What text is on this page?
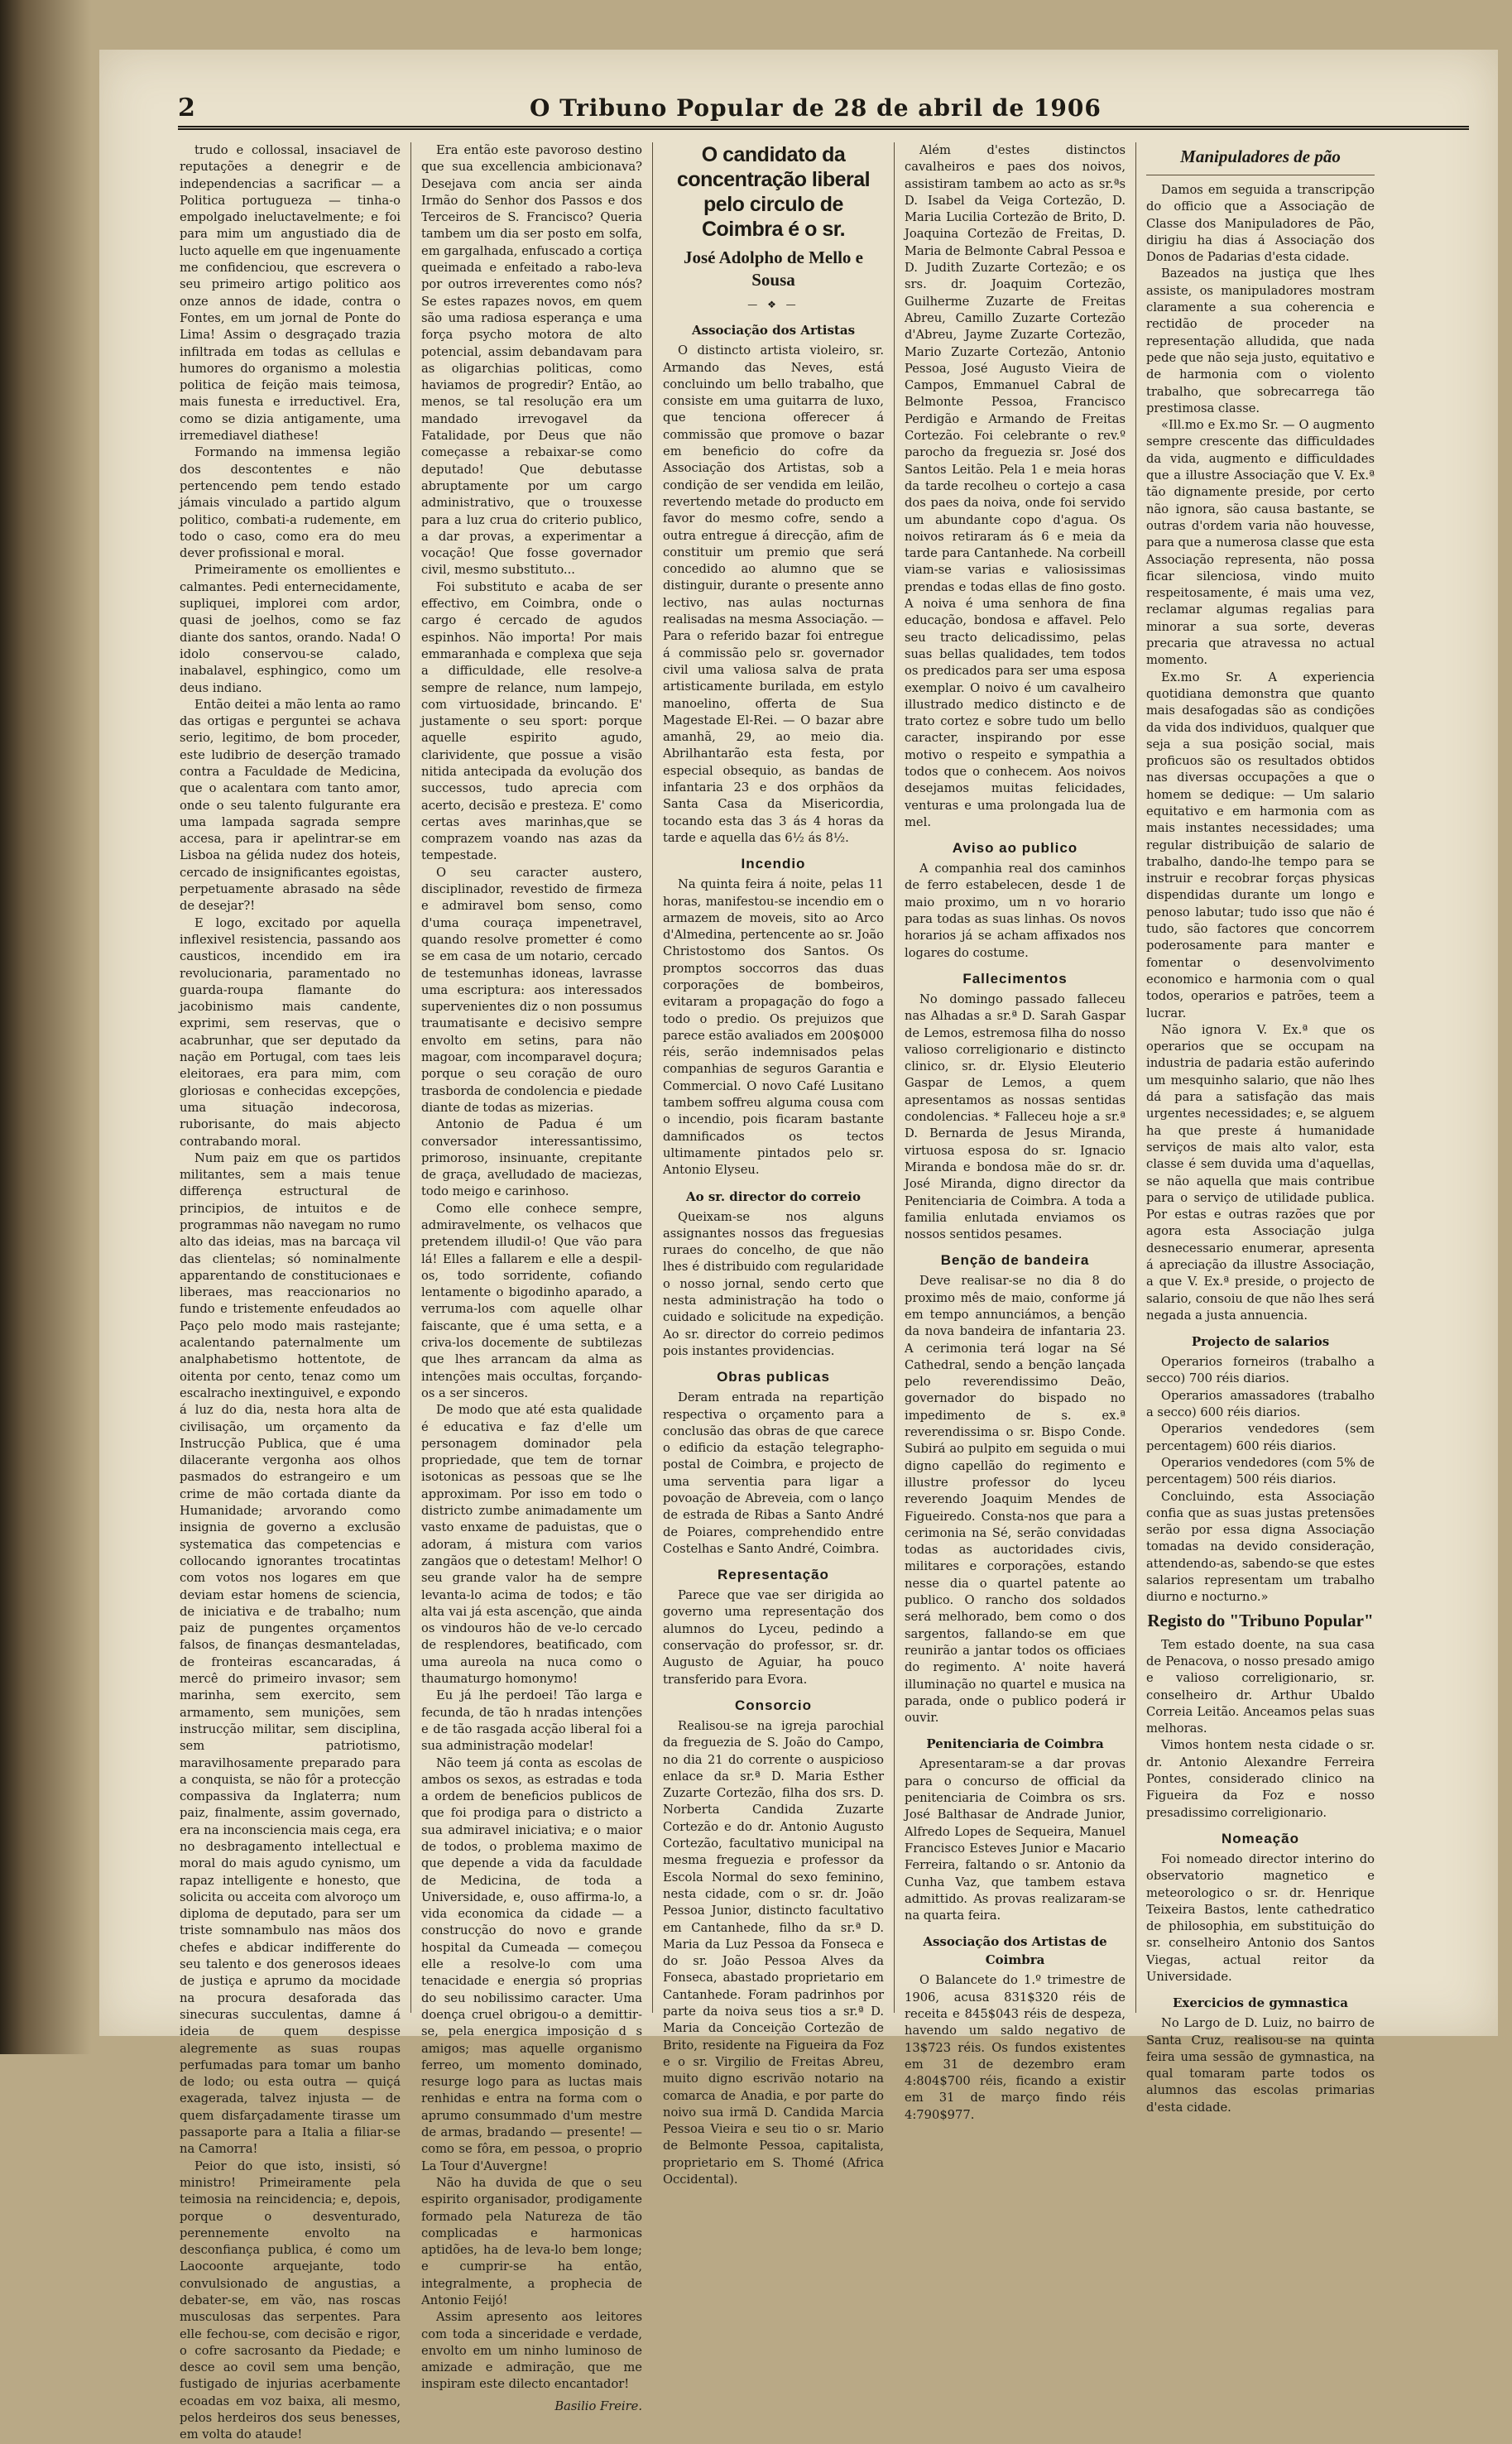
2	O Tribuno Popular de 28 de abril de 1906

trudo e collossal, insaciavel de reputações a denegrir e de independencias a sacrificar — a Politica portugueza — tinha-o empolgado ineluctavelmente; e foi para mim um angustiado dia de lucto aquelle em que ingenuamente me confidenciou, que escrevera o seu primeiro artigo politico aos onze annos de idade, contra o Fontes, em um jornal de Ponte do Lima! Assim o desgraçado trazia infiltrada em todas as cellulas e humores do organismo a molestia politica de feição mais teimosa, mais funesta e irreductivel. Era, como se dizia antigamente, uma irremediavel diathese!

Formando na immensa legião dos descontentes e não pertencendo pem tendo estado jámais vinculado a partido algum politico, combati-a rudemente, em todo o caso, como era do meu dever profissional e moral.

Primeiramente os emollientes e calmantes. Pedi enternecidamente, supliquei, implorei com ardor, quasi de joelhos, como se faz diante dos santos, orando. Nada! O idolo conservou-se calado, inabalavel, esphingico, como um deus indiano.

Então deitei a mão lenta ao ramo das ortigas e perguntei se achava serio, legitimo, de bom proceder, este ludibrio de deserção tramado contra a Faculdade de Medicina, que o acalentara com tanto amor, onde o seu talento fulgurante era uma lampada sagrada sempre accesa, para ir apelintrar-se em Lisboa na gélida nudez dos hoteis, cercado de insignificantes egoistas, perpetuamente abrasado na sêde de desejar?!

E logo, excitado por aquella inflexivel resistencia, passando aos causticos, incendido em ira revolucionaria, paramentado no guarda-roupa flamante do jacobinismo mais candente, exprimi, sem reservas, que o acabrunhar, que ser deputado da nação em Portugal, com taes leis eleitoraes, era para mim, com gloriosas e conhecidas excepções, uma situação indecorosa, ruborisante, do mais abjecto contrabando moral.

Num paiz em que os partidos militantes, sem a mais tenue differença estructural de principios, de intuitos e de programmas não navegam no rumo alto das ideias, mas na barcaça vil das clientelas; só nominalmente apparentando de constitucionaes e liberaes, mas reaccionarios no fundo e tristemente enfeudados ao Paço pelo modo mais rastejante; acalentando paternalmente um analphabetismo hottentote, de oitenta por cento, tenaz como um escalracho inextinguivel, e expondo á luz do dia, nesta hora alta de civilisação, um orçamento da Instrucção Publica, que é uma dilacerante vergonha aos olhos pasmados do estrangeiro e um crime de mão cortada diante da Humanidade; arvorando como insignia de governo a exclusão systematica das competencias e collocando ignorantes trocatintas com votos nos logares em que deviam estar homens de sciencia, de iniciativa e de trabalho; num paiz de pungentes orçamentos falsos, de finanças desmanteladas, de fronteiras escancaradas, á mercê do primeiro invasor; sem marinha, sem exercito, sem armamento, sem munições, sem instrucção militar, sem disciplina, sem patriotismo, maravilhosamente preparado para a conquista, se não fôr a protecção compassiva da Inglaterra; num paiz, finalmente, assim governado, era na inconsciencia mais cega, era no desbragamento intellectual e moral do mais agudo cynismo, um rapaz intelligente e honesto, que solicita ou acceita com alvoroço um diploma de deputado, para ser um triste somnambulo nas mãos dos chefes e abdicar indifferente do seu talento e dos generosos ideaes de justiça e aprumo da mocidade na procura desaforada das sinecuras succulentas, damne á ideia de quem despisse alegremente as suas roupas perfumadas para tomar um banho de lodo; ou esta outra — quiçá exagerada, talvez injusta — de quem disfarçadamente tirasse um passaporte para a Italia a filiar-se na Camorra!

Peior do que isto, insisti, só ministro! Primeiramente pela teimosia na reincidencia; e, depois, porque o desventurado, perennemente envolto na desconfiança publica, é como um Laocoonte arquejante, todo convulsionado de angustias, a debater-se, em vão, nas roscas musculosas das serpentes. Para elle fechou-se, com decisão e rigor, o cofre sacrosanto da Piedade; e desce ao covil sem uma benção, fustigado de injurias acerbamente ecoadas em voz baixa, ali mesmo, pelos herdeiros dos seus benesses, em volta do ataude!

Era então este pavoroso destino que sua excellencia ambicionava? Desejava com ancia ser ainda Irmão do Senhor dos Passos e dos Terceiros de S. Francisco? Queria tambem um dia ser posto em solfa, em gargalhada, enfuscado a cortiça queimada e enfeitado a rabo-leva por outros irreverentes como nós? Se estes rapazes novos, em quem são uma radiosa esperança e uma força psycho motora de alto potencial, assim debandavam para as oligarchias politicas, como haviamos de progredir? Então, ao menos, se tal resolução era um mandado irrevogavel da Fatalidade, por Deus que não começasse a rebaixar-se como deputado! Que debutasse abruptamente por um cargo administrativo, que o trouxesse para a luz crua do criterio publico, a dar provas, a experimentar a vocação! Que fosse governador civil, mesmo substituto...

Foi substituto e acaba de ser effectivo, em Coimbra, onde o cargo é cercado de agudos espinhos. Não importa! Por mais emmaranhada e complexa que seja a difficuldade, elle resolve-a sempre de relance, num lampejo, com virtuosidade, brincando. E' justamente o seu sport: porque aquelle espirito agudo, clarividente, que possue a visão nitida antecipada da evolução dos successos, tudo aprecia com acerto, decisão e presteza. E' como certas aves marinhas,que se comprazem voando nas azas da tempestade.

O seu caracter austero, disciplinador, revestido de firmeza e admiravel bom senso, como d'uma couraça impenetravel, quando resolve prometter é como se em casa de um notario, cercado de testemunhas idoneas, lavrasse uma escriptura: aos interessados supervenientes diz o non possumus traumatisante e decisivo sempre envolto em setins, para não magoar, com incomparavel doçura; porque o seu coração de ouro trasborda de condolencia e piedade diante de todas as mizerias.

Antonio de Padua é um conversador interessantissimo, primoroso, insinuante, crepitante de graça, avelludado de maciezas, todo meigo e carinhoso.

Como elle conhece sempre, admiravelmente, os velhacos que pretendem illudil-o! Que vão para lá! Elles a fallarem e elle a despil-os, todo sorridente, cofiando lentamente o bigodinho aparado, a verruma-los com aquelle olhar faiscante, que é uma setta, e a criva-los docemente de subtilezas que lhes arrancam da alma as intenções mais occultas, forçando-os a ser sinceros.

De modo que até esta qualidade é educativa e faz d'elle um personagem dominador pela propriedade, que tem de tornar isotonicas as pessoas que se lhe approximam. Por isso em todo o districto zumbe animadamente um vasto enxame de paduistas, que o adoram, á mistura com varios zangãos que o detestam! Melhor! O seu grande valor ha de sempre levanta-lo acima de todos; e tão alta vai já esta ascenção, que ainda os vindouros hão de ve-lo cercado de resplendores, beatificado, com uma aureola na nuca como o thaumaturgo homonymo!

Eu já lhe perdoei! Tão larga e fecunda, de tão h nradas intenções e de tão rasgada acção liberal foi a sua administração modelar!

Não teem já conta as escolas de ambos os sexos, as estradas e toda a ordem de beneficios publicos de que foi prodiga para o districto a sua admiravel iniciativa; e o maior de todos, o problema maximo de que depende a vida da faculdade de Medicina, de toda a Universidade, e, ouso affirma-lo, a vida economica da cidade — a construcção do novo e grande hospital da Cumeada — começou elle a resolve-lo com uma tenacidade e energia só proprias do seu nobilissimo caracter. Uma doença cruel obrigou-o a demittir-se, pela energica imposição d s amigos; mas aquelle organismo ferreo, um momento dominado, resurge logo para as luctas mais renhidas e entra na forma com o aprumo consummado d'um mestre de armas, bradando — presente! — como se fôra, em pessoa, o proprio La Tour d'Auvergne!

Não ha duvida de que o seu espirito organisador, prodigamente formado pela Natureza de tão complicadas e harmonicas aptidões, ha de leva-lo bem longe; e cumprir-se ha então, integralmente, a prophecia de Antonio Feijó!

Assim apresento aos leitores com toda a sinceridade e verdade, envolto em um ninho luminoso de amizade e admiração, que me inspiram este dilecto encantador!

Basilio Freire.
O candidato da concentração liberal pelo circulo de Coimbra é o sr.
José Adolpho de Mello e Sousa
— ❖ —
Associação dos Artistas

O distincto artista violeiro, sr. Armando das Neves, está concluindo um bello trabalho, que consiste em uma guitarra de luxo, que tenciona offerecer á commissão que promove o bazar em beneficio do cofre da Associação dos Artistas, sob a condição de ser vendida em leilão, revertendo metade do producto em favor do mesmo cofre, sendo a outra entregue á direcção, afim de constituir um premio que será concedido ao alumno que se distinguir, durante o presente anno lectivo, nas aulas nocturnas realisadas na mesma Associação. — Para o referido bazar foi entregue á commissão pelo sr. governador civil uma valiosa salva de prata artisticamente burilada, em estylo manoelino, offerta de Sua Magestade El-Rei. — O bazar abre amanhã, 29, ao meio dia. Abrilhantarão esta festa, por especial obsequio, as bandas de infantaria 23 e dos orphãos da Santa Casa da Misericordia, tocando esta das 3 ás 4 horas da tarde e aquella das 6½ ás 8½.

Incendio

Na quinta feira á noite, pelas 11 horas, manifestou-se incendio em o armazem de moveis, sito ao Arco d'Almedina, pertencente ao sr. João Christostomo dos Santos. Os promptos soccorros das duas corporações de bombeiros, evitaram a propagação do fogo a todo o predio. Os prejuizos que parece estão avaliados em 200$000 réis, serão indemnisados pelas companhias de seguros Garantia e Commercial. O novo Café Lusitano tambem soffreu alguma cousa com o incendio, pois ficaram bastante damnificados os tectos ultimamente pintados pelo sr. Antonio Elyseu.

Ao sr. director do correio

Queixam-se nos alguns assignantes nossos das freguesias ruraes do concelho, de que não lhes é distribuido com regularidade o nosso jornal, sendo certo que nesta administração ha todo o cuidado e solicitude na expedição. Ao sr. director do correio pedimos pois instantes providencias.

Obras publicas

Deram entrada na repartição respectiva o orçamento para a conclusão das obras de que carece o edificio da estação telegrapho-postal de Coimbra, e projecto de uma serventia para ligar a povoação de Abreveia, com o lanço de estrada de Ribas a Santo André de Poiares, comprehendido entre Costelhas e Santo André, Coimbra.

Representação

Parece que vae ser dirigida ao governo uma representação dos alumnos do Lyceu, pedindo a conservação do professor, sr. dr. Augusto de Aguiar, ha pouco transferido para Evora.

Consorcio

Realisou-se na igreja parochial da freguezia de S. João do Campo, no dia 21 do corrente o auspicioso enlace da sr.ª D. Maria Esther Zuzarte Cortezão, filha dos srs. D. Norberta Candida Zuzarte Cortezão e do dr. Antonio Augusto Cortezão, facultativo municipal na mesma freguezia e professor da Escola Normal do sexo feminino, nesta cidade, com o sr. dr. João Pessoa Junior, distincto facultativo em Cantanhede, filho da sr.ª D. Maria da Luz Pessoa da Fonseca e do sr. João Pessoa Alves da Fonseca, abastado proprietario em Cantanhede. Foram padrinhos por parte da noiva seus tios a sr.ª D. Maria da Conceição Cortezão de Brito, residente na Figueira da Foz e o sr. Virgilio de Freitas Abreu, muito digno escrivão notario na comarca de Anadia, e por parte do noivo sua irmã D. Candida Marcia Pessoa Vieira e seu tio o sr. Mario de Belmonte Pessoa, capitalista, proprietario em S. Thomé (Africa Occidental).

Além d'estes distinctos cavalheiros e paes dos noivos, assistiram tambem ao acto as sr.ªs D. Isabel da Veiga Cortezão, D. Maria Lucilia Cortezão de Brito, D. Joaquina Cortezão de Freitas, D. Maria de Belmonte Cabral Pessoa e D. Judith Zuzarte Cortezão; e os srs. dr. Joaquim Cortezão, Guilherme Zuzarte de Freitas Abreu, Camillo Zuzarte Cortezão d'Abreu, Jayme Zuzarte Cortezão, Mario Zuzarte Cortezão, Antonio Pessoa, José Augusto Vieira de Campos, Emmanuel Cabral de Belmonte Pessoa, Francisco Perdigão e Armando de Freitas Cortezão. Foi celebrante o rev.º parocho da freguezia sr. José dos Santos Leitão. Pela 1 e meia horas da tarde recolheu o cortejo a casa dos paes da noiva, onde foi servido um abundante copo d'agua. Os noivos retiraram ás 6 e meia da tarde para Cantanhede. Na corbeill viam-se varias e valiosissimas prendas e todas ellas de fino gosto. A noiva é uma senhora de fina educação, bondosa e affavel. Pelo seu tracto delicadissimo, pelas suas bellas qualidades, tem todos os predicados para ser uma esposa exemplar. O noivo é um cavalheiro illustrado medico distincto e de trato cortez e sobre tudo um bello caracter, inspirando por esse motivo o respeito e sympathia a todos que o conhecem. Aos noivos desejamos muitas felicidades, venturas e uma prolongada lua de mel.

Aviso ao publico

A companhia real dos caminhos de ferro estabelecen, desde 1 de maio proximo, um n vo horario para todas as suas linhas. Os novos horarios já se acham affixados nos logares do costume.

Fallecimentos

No domingo passado falleceu nas Alhadas a sr.ª D. Sarah Gaspar de Lemos, estremosa filha do nosso valioso correligionario e distincto clinico, sr. dr. Elysio Eleuterio Gaspar de Lemos, a quem apresentamos as nossas sentidas condolencias. * Falleceu hoje a sr.ª D. Bernarda de Jesus Miranda, virtuosa esposa do sr. Ignacio Miranda e bondosa mãe do sr. dr. José Miranda, digno director da Penitenciaria de Coimbra. A toda a familia enlutada enviamos os nossos sentidos pesames.

Benção de bandeira

Deve realisar-se no dia 8 do proximo mês de maio, conforme já em tempo annunciámos, a benção da nova bandeira de infantaria 23. A cerimonia terá logar na Sé Cathedral, sendo a benção lançada pelo reverendissimo Deão, governador do bispado no impedimento de s. ex.ª reverendissima o sr. Bispo Conde. Subirá ao pulpito em seguida o mui digno capellão do regimento e illustre professor do lyceu reverendo Joaquim Mendes de Figueiredo. Consta-nos que para a cerimonia na Sé, serão convidadas todas as auctoridades civis, militares e corporações, estando nesse dia o quartel patente ao publico. O rancho dos soldados será melhorado, bem como o dos sargentos, fallando-se em que reunirão a jantar todos os officiaes do regimento. A' noite haverá illuminação no quartel e musica na parada, onde o publico poderá ir ouvir.

Penitenciaria de Coimbra

Apresentaram-se a dar provas para o concurso de official da penitenciaria de Coimbra os srs. José Balthasar de Andrade Junior, Alfredo Lopes de Sequeira, Manuel Francisco Esteves Junior e Macario Ferreira, faltando o sr. Antonio da Cunha Vaz, que tambem estava admittido. As provas realizaram-se na quarta feira.

Associação dos Artistas de Coimbra

O Balancete do 1.º trimestre de 1906, acusa 831$320 réis de receita e 845$043 réis de despeza, havendo um saldo negativo de 13$723 réis. Os fundos existentes em 31 de dezembro eram 4:804$700 réis, ficando a existir em 31 de março findo réis 4:790$977.

Manipuladores de pão

Damos em seguida a transcripção do officio que a Associação de Classe dos Manipuladores de Pão, dirigiu ha dias á Associação dos Donos de Padarias d'esta cidade.

Bazeados na justiça que lhes assiste, os manipuladores mostram claramente a sua coherencia e rectidão de proceder na representação alludida, que nada pede que não seja justo, equitativo e de harmonia com o violento trabalho, que sobrecarrega tão prestimosa classe.

«Ill.mo e Ex.mo Sr. — O augmento sempre crescente das difficuldades da vida, augmento e difficuldades que a illustre Associação que V. Ex.ª tão dignamente preside, por certo não ignora, são causa bastante, se outras d'ordem varia não houvesse, para que a numerosa classe que esta Associação representa, não possa ficar silenciosa, vindo muito respeitosamente, é mais uma vez, reclamar algumas regalias para minorar a sua sorte, deveras precaria que atravessa no actual momento.

Ex.mo Sr. A experiencia quotidiana demonstra que quanto mais desafogadas são as condições da vida dos individuos, qualquer que seja a sua posição social, mais proficuos são os resultados obtidos nas diversas occupações a que o homem se dedique: — Um salario equitativo e em harmonia com as mais instantes necessidades; uma regular distribuição de salario de trabalho, dando-lhe tempo para se instruir e recobrar forças physicas dispendidas durante um longo e penoso labutar; tudo isso que não é tudo, são factores que concorrem poderosamente para manter e fomentar o desenvolvimento economico e harmonia com o qual todos, operarios e patrões, teem a lucrar.

Não ignora V. Ex.ª que os operarios que se occupam na industria de padaria estão auferindo um mesquinho salario, que não lhes dá para a satisfação das mais urgentes necessidades; e, se alguem ha que preste á humanidade serviços de mais alto valor, esta classe é sem duvida uma d'aquellas, se não aquella que mais contribue para o serviço de utilidade publica. Por estas e outras razões que por agora esta Associação julga desnecessario enumerar, apresenta á apreciação da illustre Associação, a que V. Ex.ª preside, o projecto de salario, consoiu de que não lhes será negada a justa annuencia.

Projecto de salarios

Operarios forneiros (trabalho a secco) 700 réis diarios.

Operarios amassadores (trabalho a secco) 600 réis diarios.

Operarios vendedores (sem percentagem) 600 réis diarios.

Operarios vendedores (com 5% de percentagem) 500 réis diarios.

Concluindo, esta Associação confia que as suas justas pretensões serão por essa digna Associação tomadas na devido consideração, attendendo-as, sabendo-se que estes salarios representam um trabalho diurno e nocturno.»

Registo do "Tribuno Popular"

Tem estado doente, na sua casa de Penacova, o nosso presado amigo e valioso correligionario, sr. conselheiro dr. Arthur Ubaldo Correia Leitão. Anceamos pelas suas melhoras.

Vimos hontem nesta cidade o sr. dr. Antonio Alexandre Ferreira Pontes, considerado clinico na Figueira da Foz e nosso presadissimo correligionario.

Nomeação

Foi nomeado director interino do observatorio magnetico e meteorologico o sr. dr. Henrique Teixeira Bastos, lente cathedratico de philosophia, em substituição do sr. conselheiro Antonio dos Santos Viegas, actual reitor da Universidade.

Exercicios de gymnastica

No Largo de D. Luiz, no bairro de Santa Cruz, realisou-se na quinta feira uma sessão de gymnastica, na qual tomaram parte todos os alumnos das escolas primarias d'esta cidade.
